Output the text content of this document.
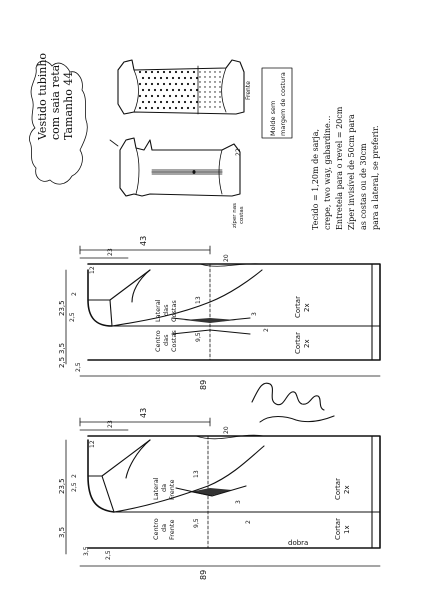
Vestido tubinho com saia reta Tamanho 44	Frente
zíper nas costas
22
Molde sem margem de costura
Tecido = 1,20m de sarja, crepe, two way, gabardine... Entretela para o revel = 20cm Zíper invisível de 50cm para as costas ou de 30cm para a lateral, se preferir.
43
23
12
20
13
9,5
3
2
2
23,5
3,5
2,5
2,5
2,5
89
Centro das Costas
Lateral das Costas	Cortar 2x
Cortar 2x
43
23
12
20
13
9,5
3
2
2
23,5
3,5
3,5
2,5
2,5
89
dobra
Centro da Frente
Lateral da Frente	Cortar 2x
Cortar 1x
